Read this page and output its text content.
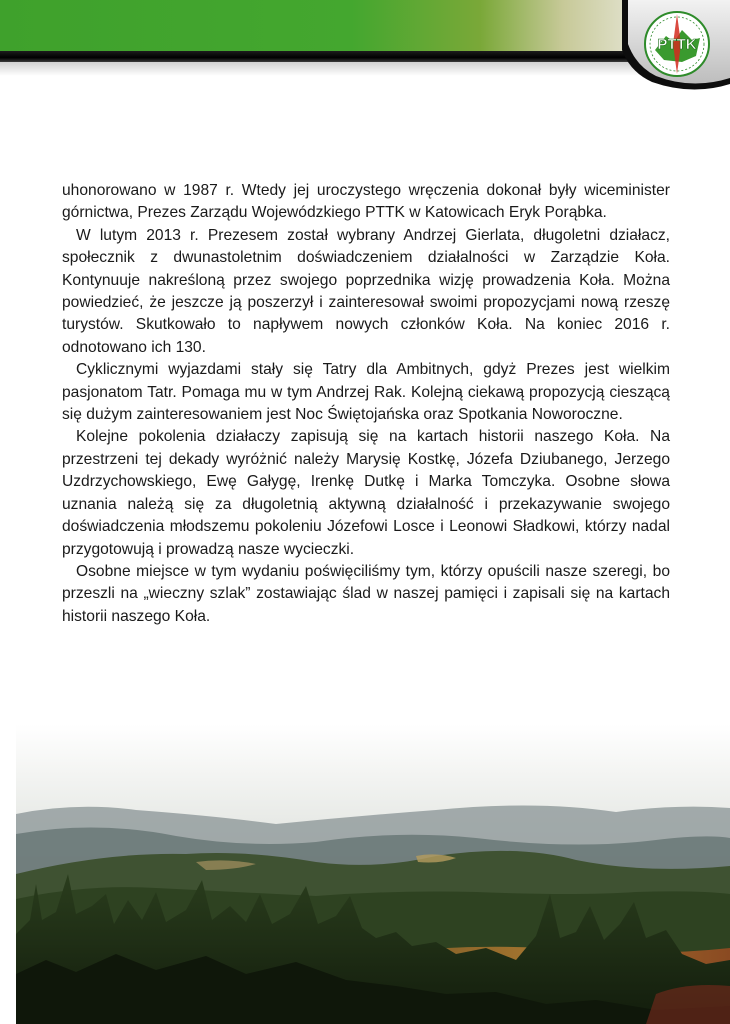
PTTK

uhonorowano w 1987 r. Wtedy jej uroczystego wręczenia dokonał były wiceminister górnictwa, Prezes Zarządu Wojewódzkiego PTTK w Katowicach Eryk Porąbka.

W lutym 2013 r. Prezesem został wybrany Andrzej Gierlata, długoletni działacz, społecznik z dwunastoletnim doświadczeniem działalności w Zarządzie Koła. Kontynuuje nakreśloną przez swojego poprzednika wizję prowadzenia Koła. Można powiedzieć, że jeszcze ją poszerzył i zainteresował swoimi propozycjami nową rzeszę turystów. Skutkowało to napływem nowych członków Koła. Na koniec 2016 r. odnotowano ich 130.

Cyklicznymi wyjazdami stały się Tatry dla Ambitnych, gdyż Prezes jest wielkim pasjonatom Tatr. Pomaga mu w tym Andrzej Rak. Kolejną ciekawą propozycją cieszącą się dużym zainteresowaniem jest Noc Świętojańska oraz Spotkania Noworoczne.

Kolejne pokolenia działaczy zapisują się na kartach historii naszego Koła. Na przestrzeni tej dekady wyróżnić należy Marysię Kostkę, Józefa Dziubanego, Jerzego Uzdrzychowskiego, Ewę Gałygę, Irenkę Dutkę i Marka Tomczyka. Osobne słowa uznania należą się za długoletnią aktywną działalność i przekazywanie swojego doświadczenia młodszemu pokoleniu Józefowi Losce i Leonowi Sładkowi, którzy nadal przygotowują i prowadzą nasze wycieczki.

Osobne miejsce w tym wydaniu poświęciliśmy tym, którzy opuścili nasze szeregi, bo przeszli na „wieczny szlak” zostawiając ślad w naszej pamięci i zapisali się na kartach historii naszego Koła.
